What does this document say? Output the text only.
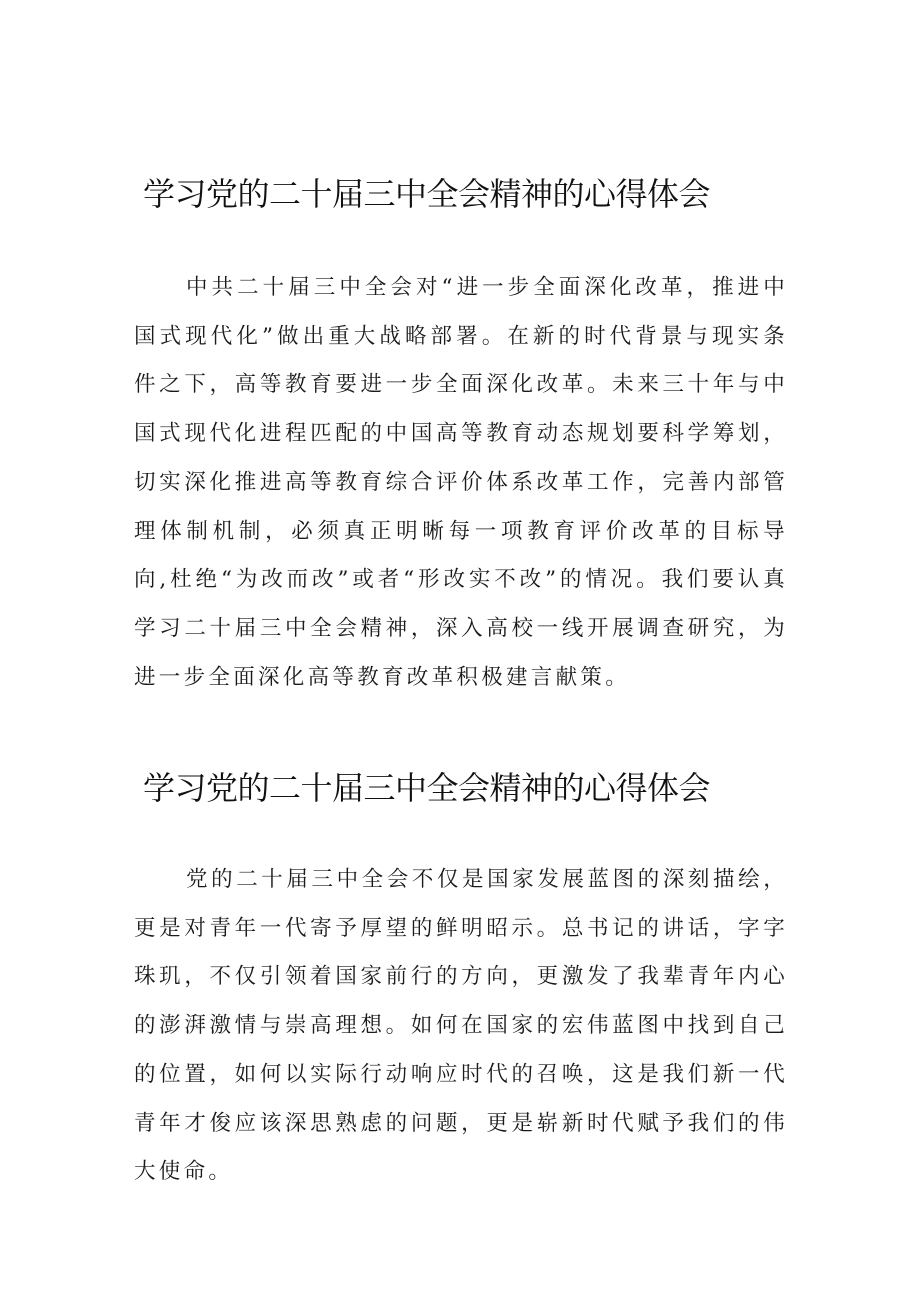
学习党的二十届三中全会精神的心得体会

中共二十届三中全会对“进一步全面深化改革，推进中国式现代化”做出重大战略部署。在新的时代背景与现实条件之下，高等教育要进一步全面深化改革。未来三十年与中国式现代化进程匹配的中国高等教育动态规划要科学筹划，切实深化推进高等教育综合评价体系改革工作，完善内部管理体制机制，必须真正明晰每一项教育评价改革的目标导向,杜绝“为改而改”或者“形改实不改”的情况。我们要认真学习二十届三中全会精神，深入高校一线开展调查研究，为进一步全面深化高等教育改革积极建言献策。

学习党的二十届三中全会精神的心得体会

党的二十届三中全会不仅是国家发展蓝图的深刻描绘，更是对青年一代寄予厚望的鲜明昭示。总书记的讲话，字字珠玑，不仅引领着国家前行的方向，更激发了我辈青年内心的澎湃激情与崇高理想。如何在国家的宏伟蓝图中找到自己的位置，如何以实际行动响应时代的召唤，这是我们新一代青年才俊应该深思熟虑的问题，更是崭新时代赋予我们的伟大使命。
